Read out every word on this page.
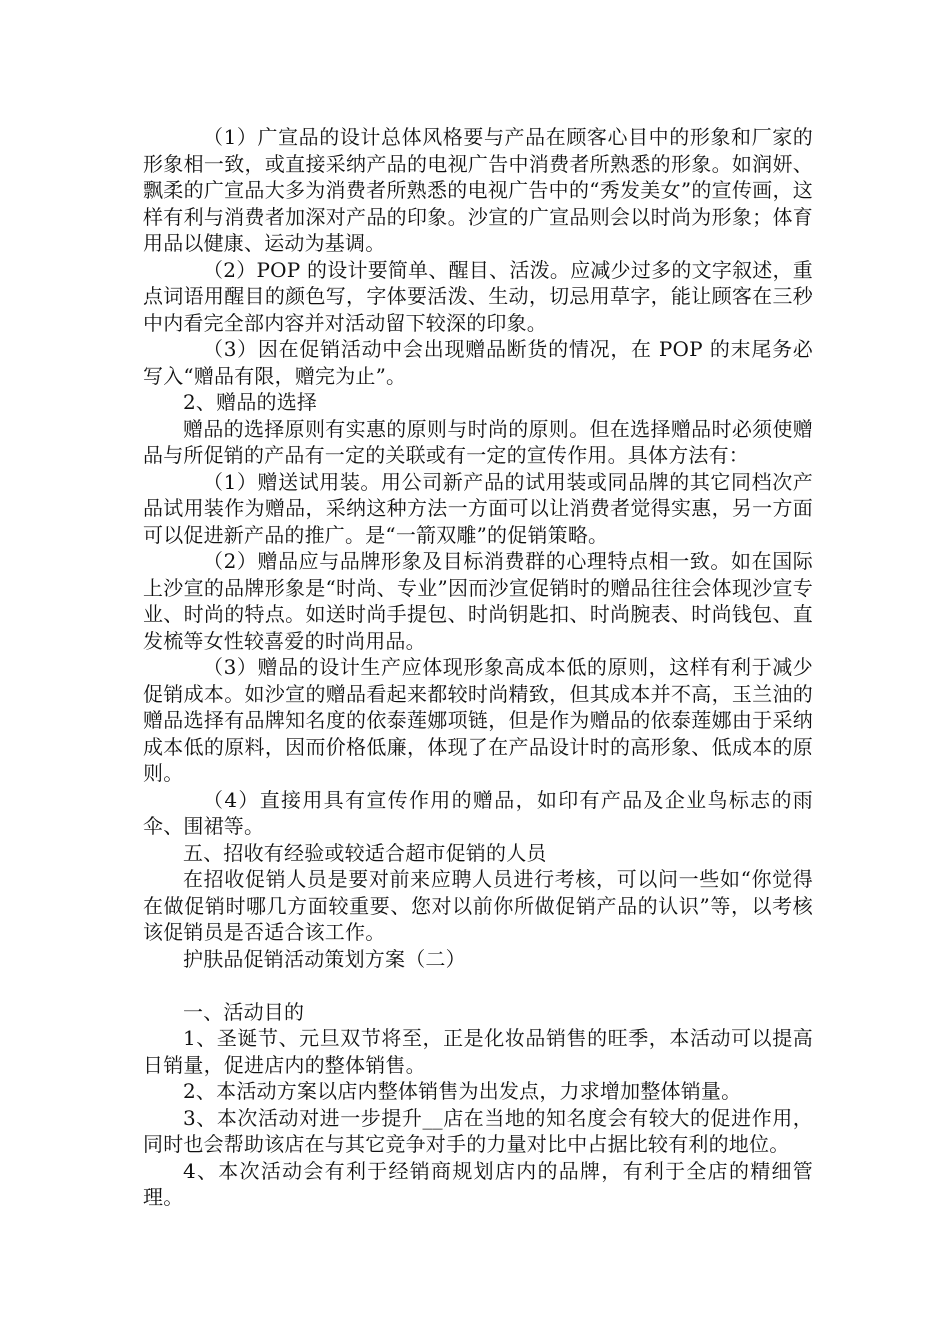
（1）广宣品的设计总体风格要与产品在顾客心目中的形象和厂家的形象相一致，或直接采纳产品的电视广告中消费者所熟悉的形象。如润妍、飘柔的广宣品大多为消费者所熟悉的电视广告中的“秀发美女”的宣传画，这样有利与消费者加深对产品的印象。沙宣的广宣品则会以时尚为形象；体育用品以健康、运动为基调。

（2）POP 的设计要简单、醒目、活泼。应减少过多的文字叙述，重点词语用醒目的颜色写，字体要活泼、生动，切忌用草字，能让顾客在三秒中内看完全部内容并对活动留下较深的印象。

（3）因在促销活动中会出现赠品断货的情况，在 POP 的末尾务必写入“赠品有限，赠完为止”。

2、赠品的选择

赠品的选择原则有实惠的原则与时尚的原则。但在选择赠品时必须使赠品与所促销的产品有一定的关联或有一定的宣传作用。具体方法有：

（1）赠送试用装。用公司新产品的试用装或同品牌的其它同档次产品试用装作为赠品，采纳这种方法一方面可以让消费者觉得实惠，另一方面可以促进新产品的推广。是“一箭双雕”的促销策略。

（2）赠品应与品牌形象及目标消费群的心理特点相一致。如在国际上沙宣的品牌形象是“时尚、专业”因而沙宣促销时的赠品往往会体现沙宣专业、时尚的特点。如送时尚手提包、时尚钥匙扣、时尚腕表、时尚钱包、直发梳等女性较喜爱的时尚用品。

（3）赠品的设计生产应体现形象高成本低的原则，这样有利于减少促销成本。如沙宣的赠品看起来都较时尚精致，但其成本并不高，玉兰油的赠品选择有品牌知名度的依泰莲娜项链，但是作为赠品的依泰莲娜由于采纳成本低的原料，因而价格低廉，体现了在产品设计时的高形象、低成本的原则。

（4）直接用具有宣传作用的赠品，如印有产品及企业鸟标志的雨伞、围裙等。

五、招收有经验或较适合超市促销的人员

在招收促销人员是要对前来应聘人员进行考核，可以问一些如“你觉得在做促销时哪几方面较重要、您对以前你所做促销产品的认识”等，以考核该促销员是否适合该工作。

护肤品促销活动策划方案（二）

一、活动目的

1、圣诞节、元旦双节将至，正是化妆品销售的旺季，本活动可以提高日销量，促进店内的整体销售。

2、本活动方案以店内整体销售为出发点，力求增加整体销量。

3、本次活动对进一步提升__店在当地的知名度会有较大的促进作用，同时也会帮助该店在与其它竞争对手的力量对比中占据比较有利的地位。

4、本次活动会有利于经销商规划店内的品牌，有利于全店的精细管理。
